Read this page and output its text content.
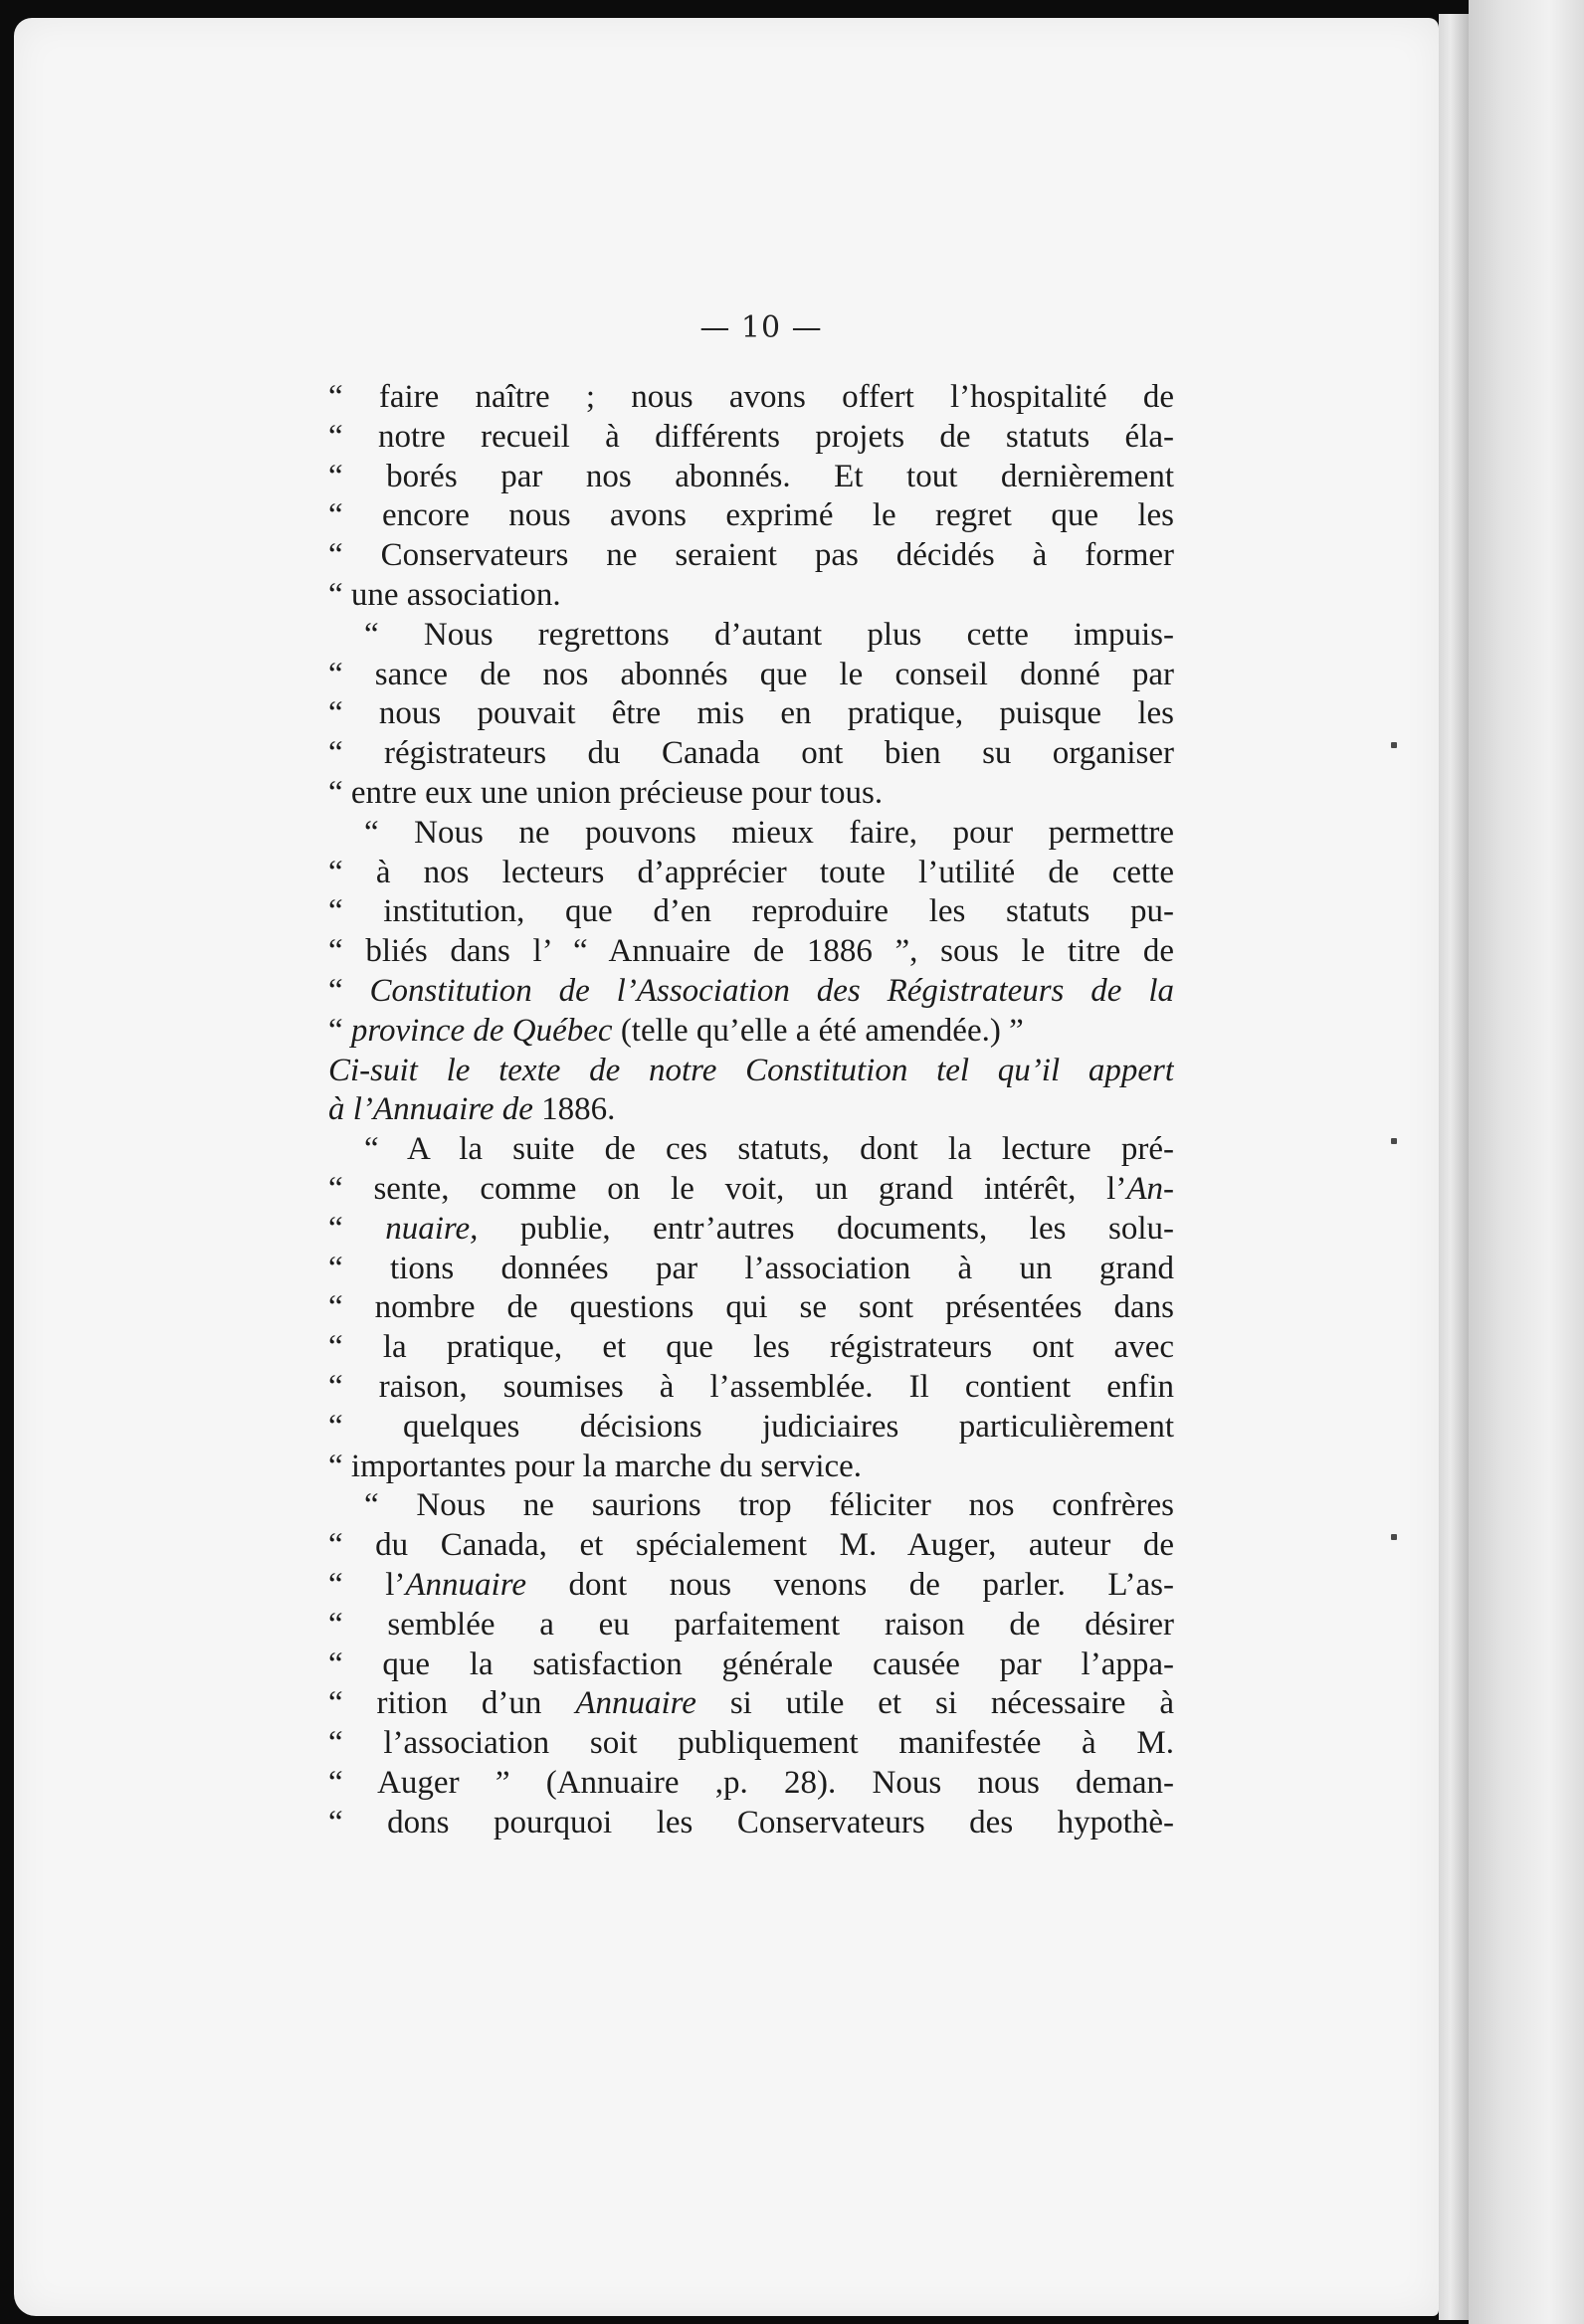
— 10 —
“ faire naître ; nous avons offert l’hospitalité de
“ notre recueil à différents projets de statuts éla-
“ borés par nos abonnés. Et tout dernièrement
“ encore nous avons exprimé le regret que les
“ Conservateurs ne seraient pas décidés à former
“ une association.
“ Nous regrettons d’autant plus cette impuis-
“ sance de nos abonnés que le conseil donné par
“ nous pouvait être mis en pratique, puisque les
“ régistrateurs du Canada ont bien su organiser
“ entre eux une union précieuse pour tous.
“ Nous ne pouvons mieux faire, pour permettre
“ à nos lecteurs d’apprécier toute l’utilité de cette
“ institution, que d’en reproduire les statuts pu-
“ bliés dans l’ “ Annuaire de 1886 ”, sous le titre de
“ Constitution de l’Association des Régistrateurs de la
“ province de Québec (telle qu’elle a été amendée.) ”
Ci-suit le texte de notre Constitution tel qu’il appert
à l’Annuaire de 1886.
“ A la suite de ces statuts, dont la lecture pré-
“ sente, comme on le voit, un grand intérêt, l’An-
“ nuaire, publie, entr’autres documents, les solu-
“ tions données par l’association à un grand
“ nombre de questions qui se sont présentées dans
“ la pratique, et que les régistrateurs ont avec
“ raison, soumises à l’assemblée. Il contient enfin
“ quelques décisions judiciaires particulièrement
“ importantes pour la marche du service.
“ Nous ne saurions trop féliciter nos confrères
“ du Canada, et spécialement M. Auger, auteur de
“ l’Annuaire dont nous venons de parler. L’as-
“ semblée a eu parfaitement raison de désirer
“ que la satisfaction générale causée par l’appa-
“ rition d’un Annuaire si utile et si nécessaire à
“ l’association soit publiquement manifestée à M.
“ Auger ” (Annuaire ,p. 28). Nous nous deman-
“ dons pourquoi les Conservateurs des hypothè-
